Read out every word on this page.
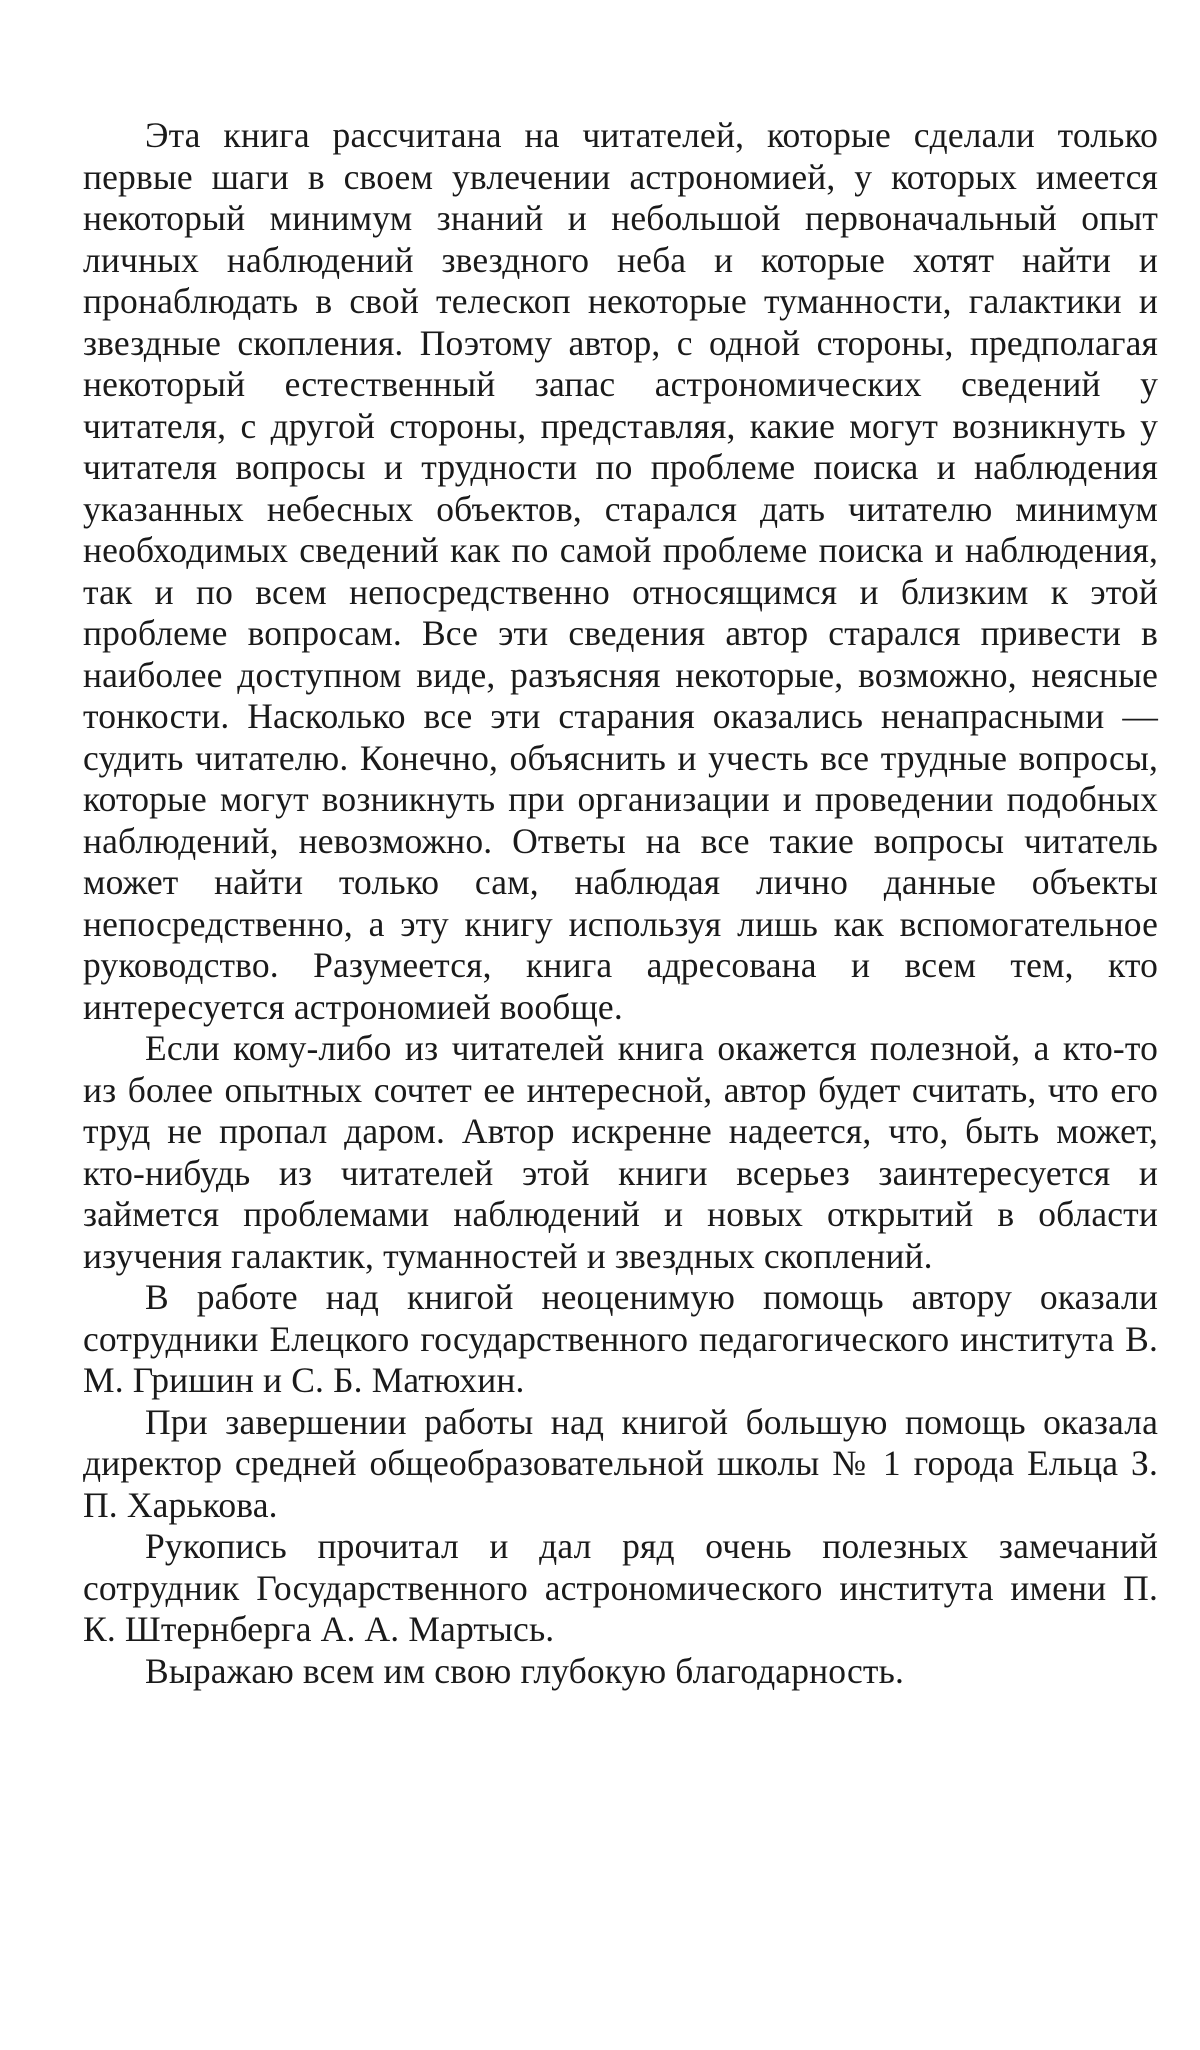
Эта книга рассчитана на читателей, которые сделали только первые шаги в своем увлечении астрономией, у которых имеется некоторый минимум знаний и небольшой первоначальный опыт личных наблюдений звездного неба и которые хотят найти и пронаблюдать в свой телескоп некоторые туманности, галактики и звездные скопления. Поэтому автор, с одной стороны, предполагая некоторый естественный запас астрономических сведений у читателя, с другой стороны, представляя, какие могут возникнуть у читателя вопросы и трудности по проблеме поиска и наблюдения указанных небесных объектов, старался дать читателю минимум необходимых сведений как по самой проблеме поиска и наблюдения, так и по всем непосредственно относящимся и близким к этой проблеме вопросам. Все эти сведения автор старался привести в наиболее доступном виде, разъясняя некоторые, возможно, неясные тонкости. Насколько все эти старания оказались ненапрасными — судить читателю. Конечно, объяснить и учесть все трудные вопросы, которые могут возникнуть при организации и проведении подобных наблюдений, невозможно. Ответы на все такие вопросы читатель может найти только сам, наблюдая лично данные объекты непосредственно, а эту книгу используя лишь как вспомогательное руководство. Разумеется, книга адресована и всем тем, кто интересуется астрономией вообще.

Если кому-либо из читателей книга окажется полезной, а кто-то из более опытных сочтет ее интересной, автор будет считать, что его труд не пропал даром. Автор искренне надеется, что, быть может, кто-нибудь из читателей этой книги всерьез заинтересуется и займется проблемами наблюдений и новых открытий в области изучения галактик, туманностей и звездных скоплений.

В работе над книгой неоценимую помощь автору оказали сотрудники Елецкого государственного педагогического института В. М. Гришин и С. Б. Матюхин.

При завершении работы над книгой большую помощь оказала директор средней общеобразовательной школы № 1 города Ельца З. П. Харькова.

Рукопись прочитал и дал ряд очень полезных замечаний сотрудник Государственного астрономического института имени П. К. Штернберга А. А. Мартысь.

Выражаю всем им свою глубокую благодарность.
